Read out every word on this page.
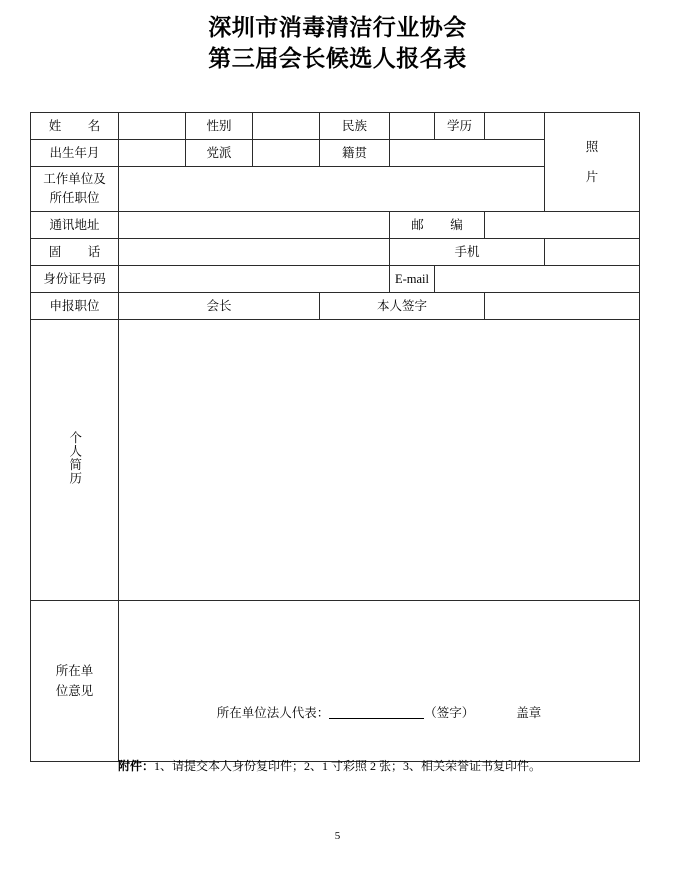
深圳市消毒清洁行业协会
第三届会长候选人报名表
姓　名		性别		民族		学历		照
片

出生年月		党派		籍贯				
工作单位及
所任职位								
通讯地址					邮　编			
固　话					手机			
身份证号码					E-mail			
申报职位	会长			本人签字				
个人简历								
所在单
位意见	所在单位法人代表： （签字） 盖章							
附件：1、请提交本人身份复印件；2、1 寸彩照 2 张；3、相关荣誉证书复印件。
5
